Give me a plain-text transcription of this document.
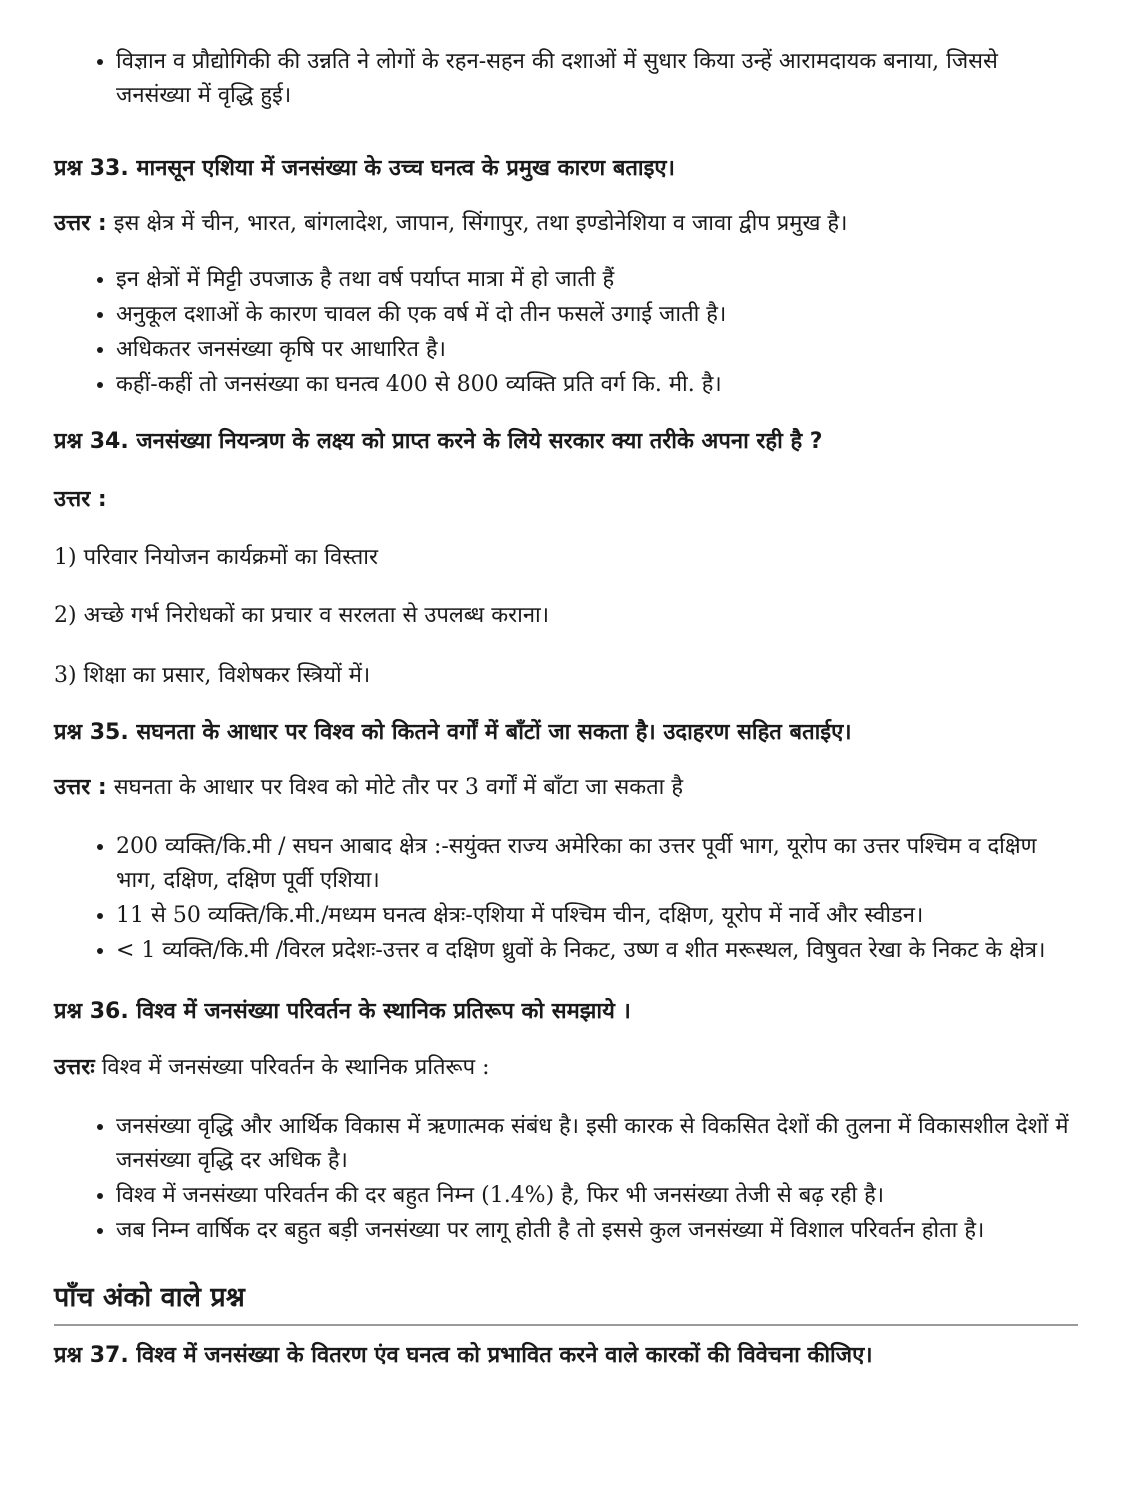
• विज्ञान व प्रौद्योगिकी की उन्नति ने लोगों के रहन-सहन की दशाओं में सुधार किया उन्हें आरामदायक बनाया, जिससे जनसंख्या में वृद्धि हुई।

प्रश्न 33. मानसून एशिया में जनसंख्या के उच्च घनत्व के प्रमुख कारण बताइए।

उत्तर : इस क्षेत्र में चीन, भारत, बांगलादेश, जापान, सिंगापुर, तथा इण्डोनेशिया व जावा द्वीप प्रमुख है।

• इन क्षेत्रों में मिट्टी उपजाऊ है तथा वर्ष पर्याप्त मात्रा में हो जाती हैं
• अनुकूल दशाओं के कारण चावल की एक वर्ष में दो तीन फसलें उगाई जाती है।
• अधिकतर जनसंख्या कृषि पर आधारित है।
• कहीं-कहीं तो जनसंख्या का घनत्व 400 से 800 व्यक्ति प्रति वर्ग कि. मी. है।

प्रश्न 34. जनसंख्या नियन्त्रण के लक्ष्य को प्राप्त करने के लिये सरकार क्या तरीके अपना रही है ?

उत्तर :

1) परिवार नियोजन कार्यक्रमों का विस्तार

2) अच्छे गर्भ निरोधकों का प्रचार व सरलता से उपलब्ध कराना।

3) शिक्षा का प्रसार, विशेषकर स्त्रियों में।

प्रश्न 35. सघनता के आधार पर विश्व को कितने वर्गों में बाँटों जा सकता है। उदाहरण सहित बताईए।

उत्तर : सघनता के आधार पर विश्व को मोटे तौर पर 3 वर्गों में बाँटा जा सकता है

• 200 व्यक्ति/कि.मी / सघन आबाद क्षेत्र :-सयुंक्त राज्य अमेरिका का उत्तर पूर्वी भाग, यूरोप का उत्तर पश्चिम व दक्षिण भाग, दक्षिण, दक्षिण पूर्वी एशिया।
• 11 से 50 व्यक्ति/कि.मी./मध्यम घनत्व क्षेत्रः-एशिया में पश्चिम चीन, दक्षिण, यूरोप में नार्वे और स्वीडन।
• < 1 व्यक्ति/कि.मी /विरल प्रदेशः-उत्तर व दक्षिण ध्रुवों के निकट, उष्ण व शीत मरूस्थल, विषुवत रेखा के निकट के क्षेत्र।

प्रश्न 36. विश्व में जनसंख्या परिवर्तन के स्थानिक प्रतिरूप को समझाये ।

उत्तरः विश्व में जनसंख्या परिवर्तन के स्थानिक प्रतिरूप :

• जनसंख्या वृद्धि और आर्थिक विकास में ऋणात्मक संबंध है। इसी कारक से विकसित देशों की तुलना में विकासशील देशों में जनसंख्या वृद्धि दर अधिक है।
• विश्व में जनसंख्या परिवर्तन की दर बहुत निम्न (1.4%) है, फिर भी जनसंख्या तेजी से बढ़ रही है।
• जब निम्न वार्षिक दर बहुत बड़ी जनसंख्या पर लागू होती है तो इससे कुल जनसंख्या में विशाल परिवर्तन होता है।
पाँच अंको वाले प्रश्न

प्रश्न 37. विश्व में जनसंख्या के वितरण एंव घनत्व को प्रभावित करने वाले कारकों की विवेचना कीजिए।
